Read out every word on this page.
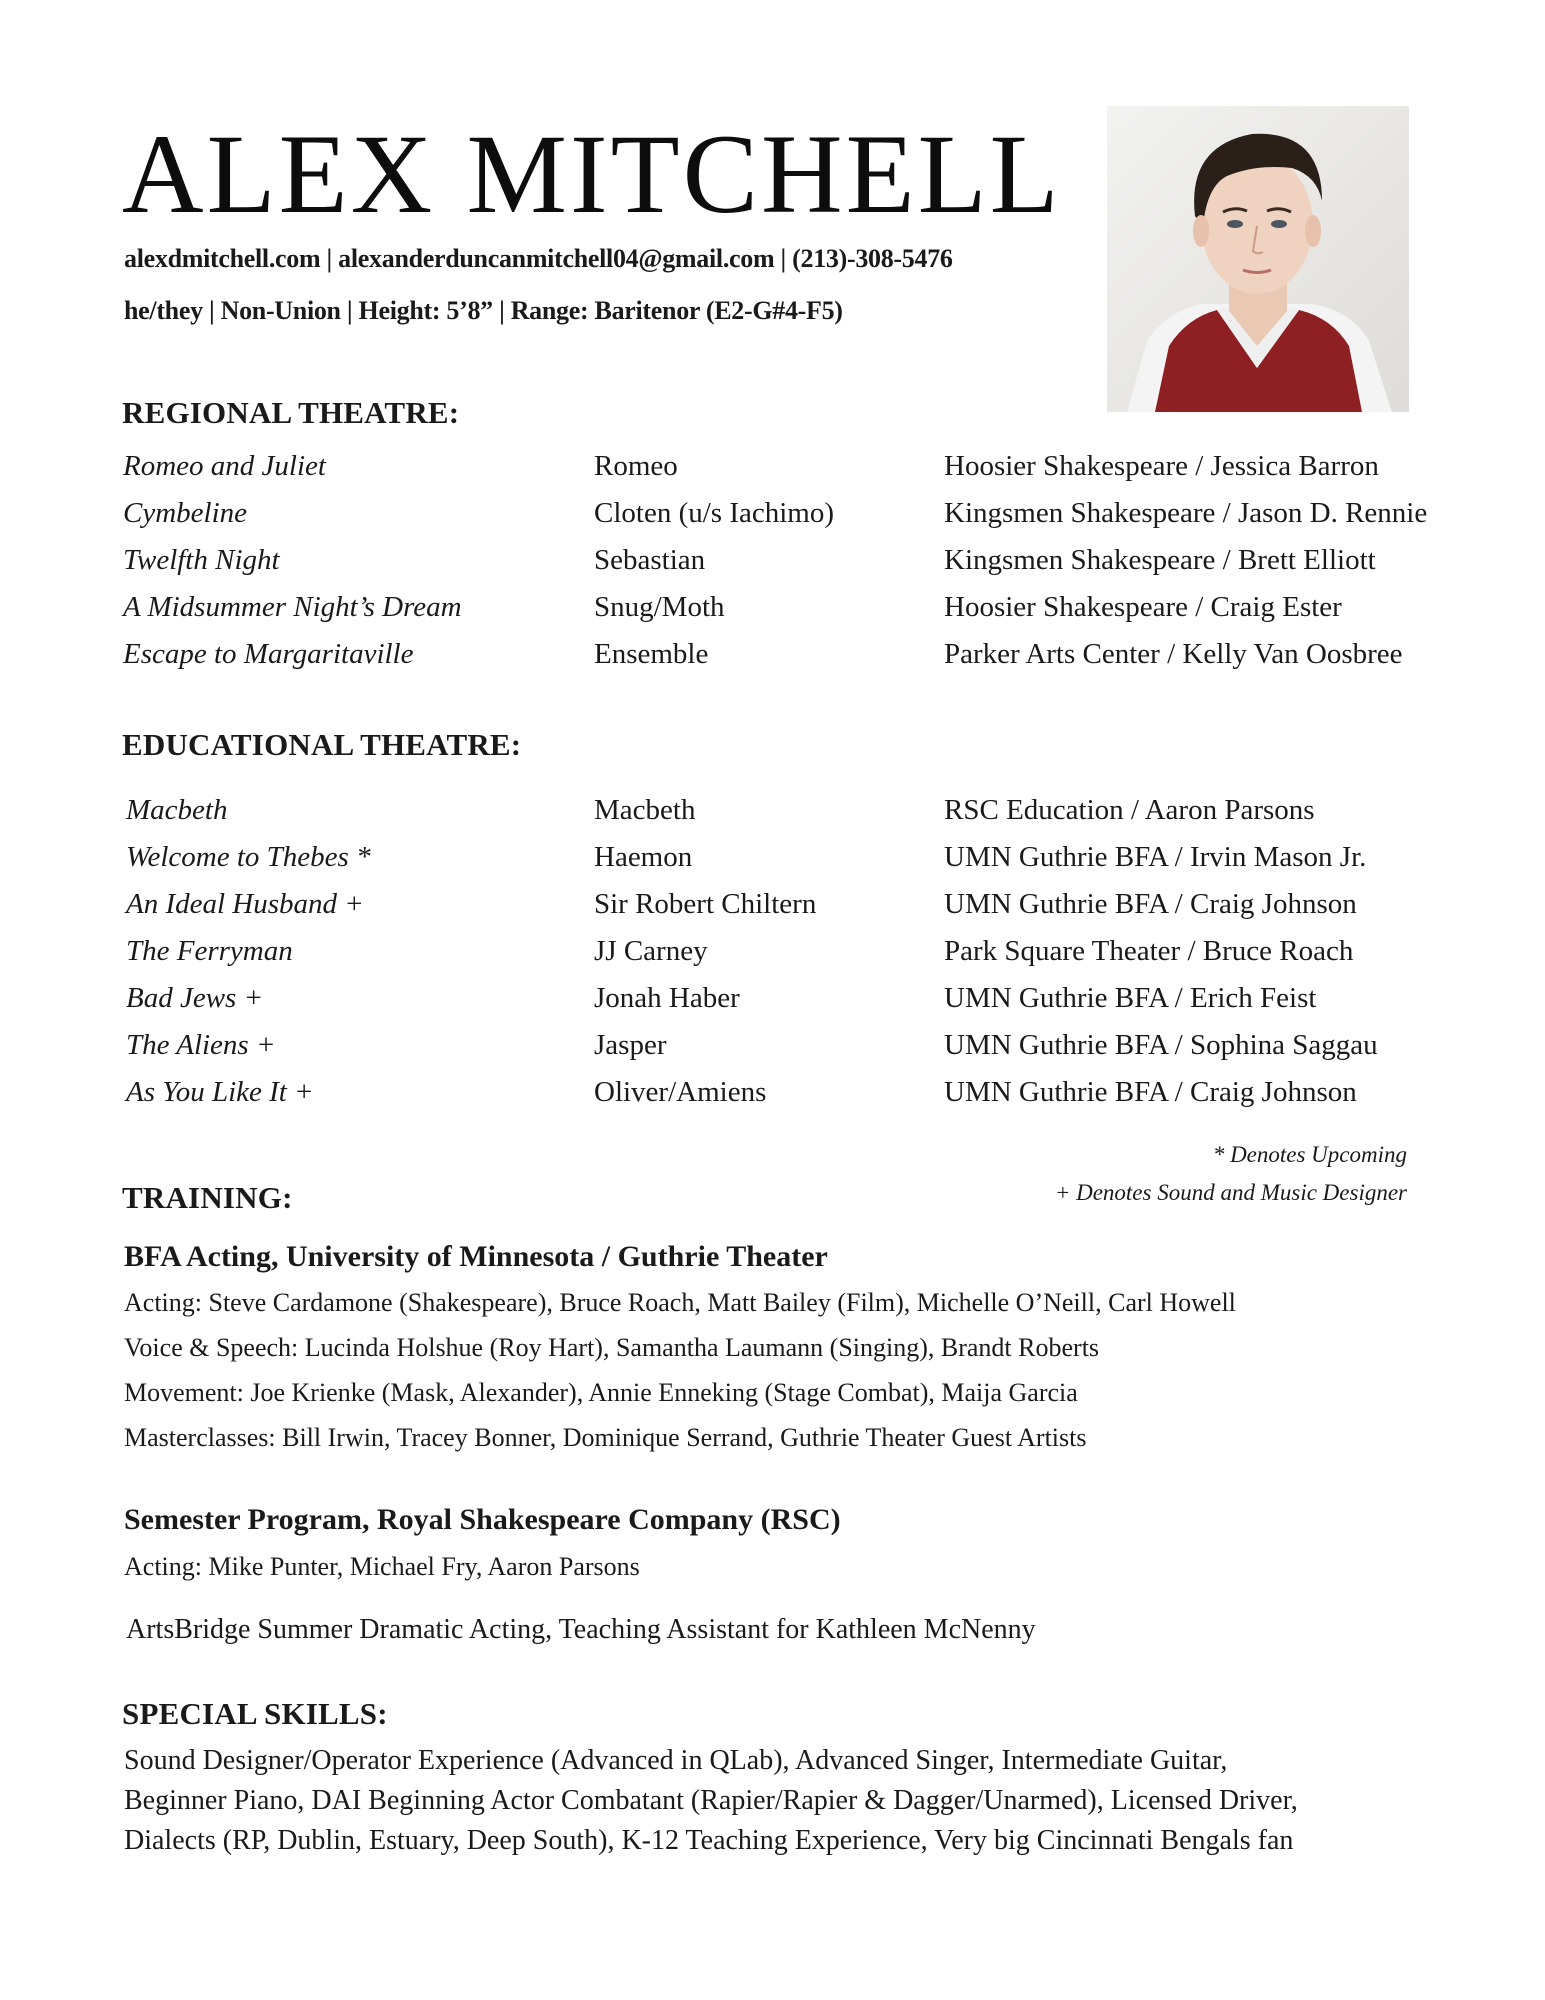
ALEX MITCHELL
alexdmitchell.com | alexanderduncanmitchell04@gmail.com | (213)-308-5476
he/they | Non-Union | Height: 5’8” | Range: Baritenor (E2-G#4-F5)
REGIONAL THEATRE:
Romeo and Juliet	Romeo	Hoosier Shakespeare / Jessica Barron
Cymbeline	Cloten (u/s Iachimo)	Kingsmen Shakespeare / Jason D. Rennie
Twelfth Night	Sebastian	Kingsmen Shakespeare / Brett Elliott
A Midsummer Night’s Dream	Snug/Moth	Hoosier Shakespeare / Craig Ester
Escape to Margaritaville	Ensemble	Parker Arts Center / Kelly Van Oosbree
EDUCATIONAL THEATRE:
Macbeth	Macbeth	RSC Education / Aaron Parsons
Welcome to Thebes *	Haemon	UMN Guthrie BFA / Irvin Mason Jr.
An Ideal Husband +	Sir Robert Chiltern	UMN Guthrie BFA / Craig Johnson
The Ferryman	JJ Carney	Park Square Theater / Bruce Roach
Bad Jews +	Jonah Haber	UMN Guthrie BFA / Erich Feist
The Aliens +	Jasper	UMN Guthrie BFA / Sophina Saggau
As You Like It +	Oliver/Amiens	UMN Guthrie BFA / Craig Johnson
* Denotes Upcoming
+ Denotes Sound and Music Designer
TRAINING:
BFA Acting, University of Minnesota / Guthrie Theater
Acting: Steve Cardamone (Shakespeare), Bruce Roach, Matt Bailey (Film), Michelle O’Neill, Carl Howell
Voice & Speech: Lucinda Holshue (Roy Hart), Samantha Laumann (Singing), Brandt Roberts
Movement: Joe Krienke (Mask, Alexander), Annie Enneking (Stage Combat), Maija Garcia
Masterclasses: Bill Irwin, Tracey Bonner, Dominique Serrand, Guthrie Theater Guest Artists
Semester Program, Royal Shakespeare Company (RSC)
Acting: Mike Punter, Michael Fry, Aaron Parsons
ArtsBridge Summer Dramatic Acting, Teaching Assistant for Kathleen McNenny
SPECIAL SKILLS:
Sound Designer/Operator Experience (Advanced in QLab), Advanced Singer, Intermediate Guitar,
Beginner Piano, DAI Beginning Actor Combatant (Rapier/Rapier & Dagger/Unarmed), Licensed Driver,
Dialects (RP, Dublin, Estuary, Deep South), K-12 Teaching Experience, Very big Cincinnati Bengals fan
